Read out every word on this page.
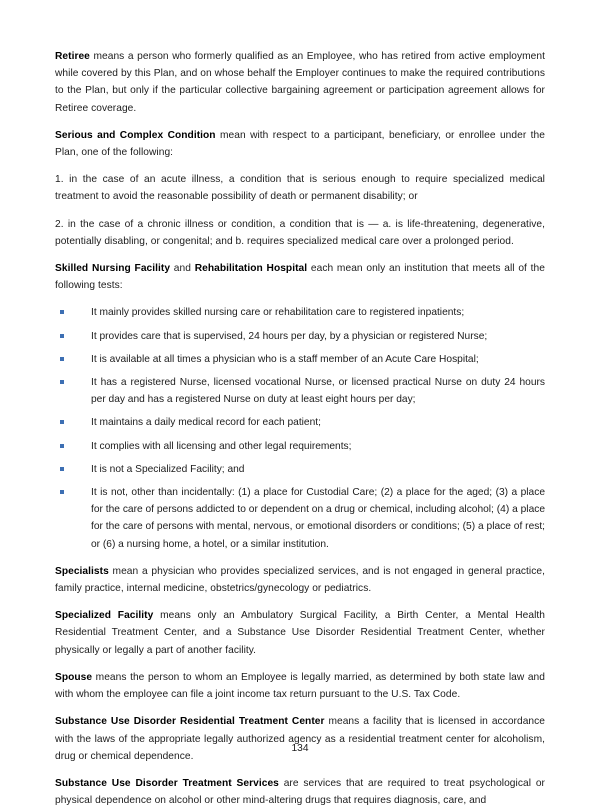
Retiree means a person who formerly qualified as an Employee, who has retired from active employment while covered by this Plan, and on whose behalf the Employer continues to make the required contributions to the Plan, but only if the particular collective bargaining agreement or participation agreement allows for Retiree coverage.

Serious and Complex Condition mean with respect to a participant, beneficiary, or enrollee under the Plan, one of the following:

1. in the case of an acute illness, a condition that is serious enough to require specialized medical treatment to avoid the reasonable possibility of death or permanent disability; or

2. in the case of a chronic illness or condition, a condition that is — a. is life-threatening, degenerative, potentially disabling, or congenital; and b. requires specialized medical care over a prolonged period.

Skilled Nursing Facility and Rehabilitation Hospital each mean only an institution that meets all of the following tests:

It mainly provides skilled nursing care or rehabilitation care to registered inpatients;
It provides care that is supervised, 24 hours per day, by a physician or registered Nurse;
It is available at all times a physician who is a staff member of an Acute Care Hospital;
It has a registered Nurse, licensed vocational Nurse, or licensed practical Nurse on duty 24 hours per day and has a registered Nurse on duty at least eight hours per day;
It maintains a daily medical record for each patient;
It complies with all licensing and other legal requirements;
It is not a Specialized Facility; and
It is not, other than incidentally: (1) a place for Custodial Care; (2) a place for the aged; (3) a place for the care of persons addicted to or dependent on a drug or chemical, including alcohol; (4) a place for the care of persons with mental, nervous, or emotional disorders or conditions; (5) a place of rest; or (6) a nursing home, a hotel, or a similar institution.

Specialists mean a physician who provides specialized services, and is not engaged in general practice, family practice, internal medicine, obstetrics/gynecology or pediatrics.

Specialized Facility means only an Ambulatory Surgical Facility, a Birth Center, a Mental Health Residential Treatment Center, and a Substance Use Disorder Residential Treatment Center, whether physically or legally a part of another facility.

Spouse means the person to whom an Employee is legally married, as determined by both state law and with whom the employee can file a joint income tax return pursuant to the U.S. Tax Code.

Substance Use Disorder Residential Treatment Center means a facility that is licensed in accordance with the laws of the appropriate legally authorized agency as a residential treatment center for alcoholism, drug or chemical dependence.

Substance Use Disorder Treatment Services are services that are required to treat psychological or physical dependence on alcohol or other mind-altering drugs that requires diagnosis, care, and

134
